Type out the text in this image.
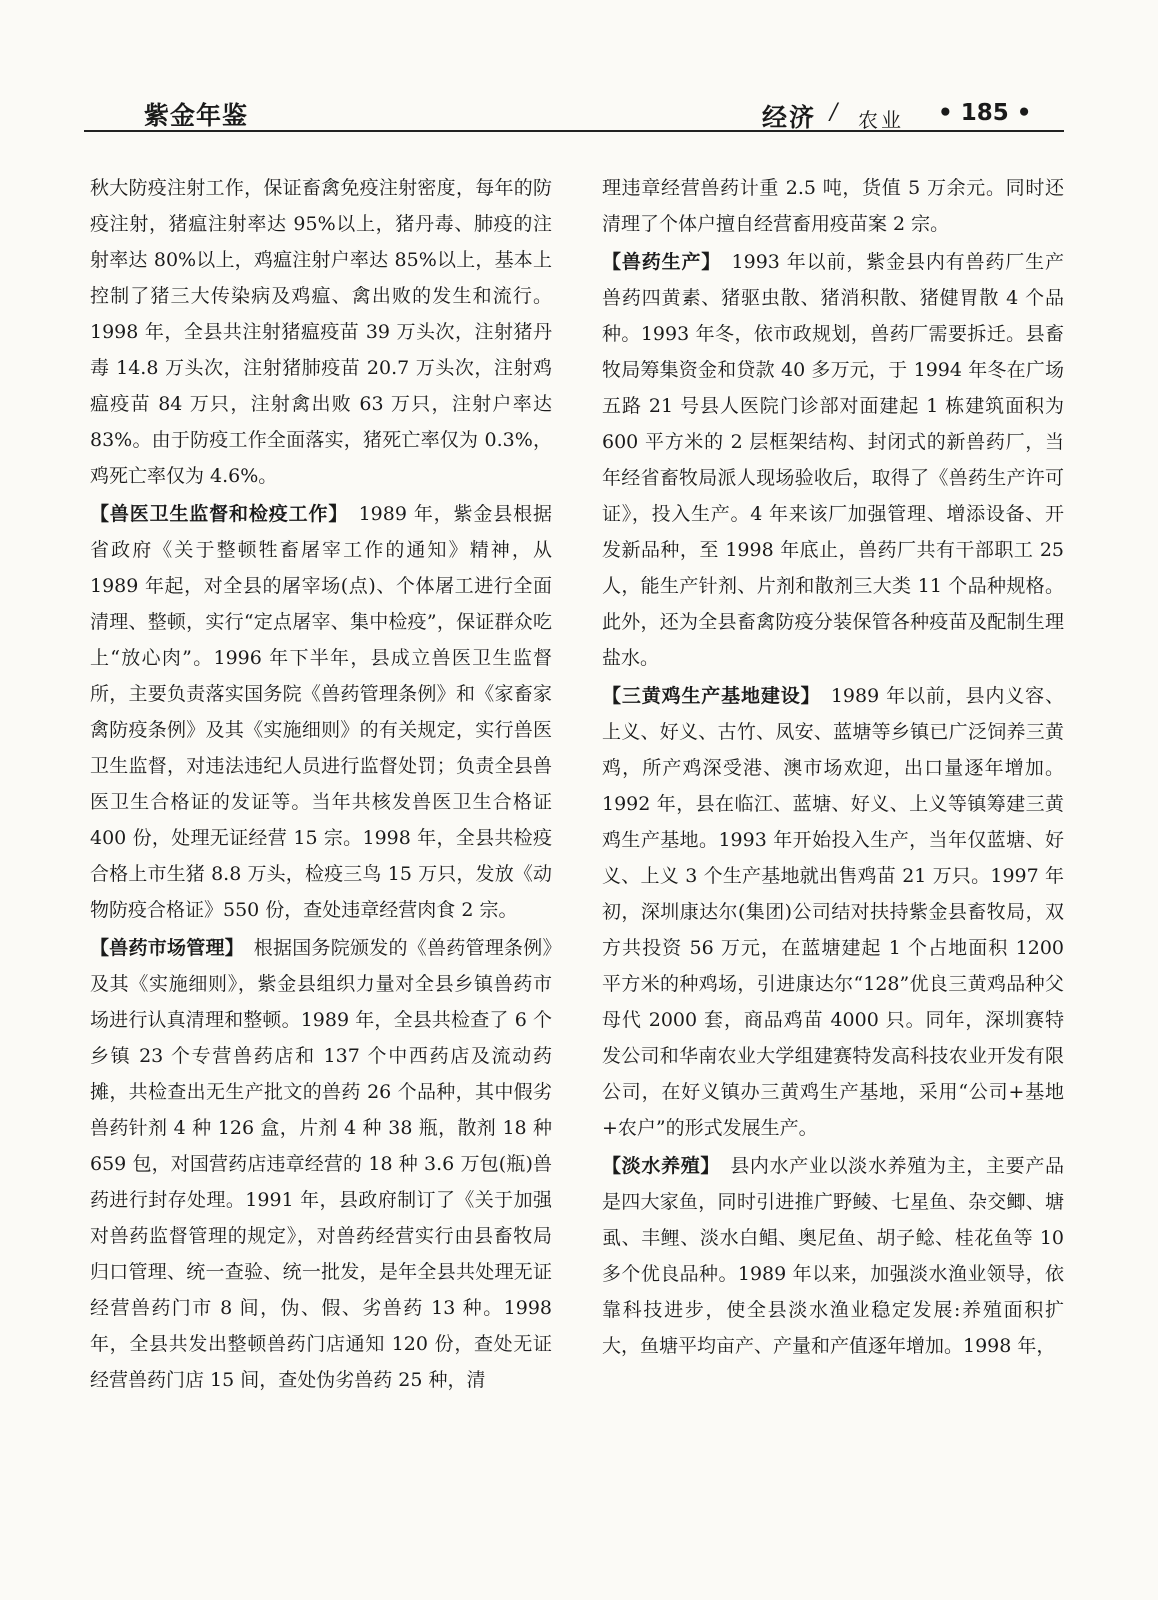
紫金年鉴	经济 / 农业 • 185 •

秋大防疫注射工作，保证畜禽免疫注射密度，每年的防疫注射，猪瘟注射率达 95%以上，猪丹毒、肺疫的注射率达 80%以上，鸡瘟注射户率达 85%以上，基本上控制了猪三大传染病及鸡瘟、禽出败的发生和流行。1998 年，全县共注射猪瘟疫苗 39 万头次，注射猪丹毒 14.8 万头次，注射猪肺疫苗 20.7 万头次，注射鸡瘟疫苗 84 万只，注射禽出败 63 万只，注射户率达 83%。由于防疫工作全面落实，猪死亡率仅为 0.3%，鸡死亡率仅为 4.6%。

【兽医卫生监督和检疫工作】　 1989 年，紫金县根据省政府《关于整顿牲畜屠宰工作的通知》精神，从 1989 年起，对全县的屠宰场(点)、个体屠工进行全面清理、整顿，实行“定点屠宰、集中检疫”，保证群众吃上“放心肉”。1996 年下半年，县成立兽医卫生监督所，主要负责落实国务院《兽药管理条例》和《家畜家禽防疫条例》及其《实施细则》的有关规定，实行兽医卫生监督，对违法违纪人员进行监督处罚；负责全县兽医卫生合格证的发证等。当年共核发兽医卫生合格证 400 份，处理无证经营 15 宗。1998 年，全县共检疫合格上市生猪 8.8 万头，检疫三鸟 15 万只，发放《动物防疫合格证》550 份，查处违章经营肉食 2 宗。

【兽药市场管理】　 根据国务院颁发的《兽药管理条例》及其《实施细则》，紫金县组织力量对全县乡镇兽药市场进行认真清理和整顿。1989 年，全县共检查了 6 个乡镇 23 个专营兽药店和 137 个中西药店及流动药摊，共检查出无生产批文的兽药 26 个品种，其中假劣兽药针剂 4 种 126 盒，片剂 4 种 38 瓶，散剂 18 种 659 包，对国营药店违章经营的 18 种 3.6 万包(瓶)兽药进行封存处理。1991 年，县政府制订了《关于加强对兽药监督管理的规定》，对兽药经营实行由县畜牧局归口管理、统一查验、统一批发，是年全县共处理无证经营兽药门市 8 间，伪、假、劣兽药 13 种。1998 年，全县共发出整顿兽药门店通知 120 份，查处无证经营兽药门店 15 间，查处伪劣兽药 25 种，清

理违章经营兽药计重 2.5 吨，货值 5 万余元。同时还清理了个体户擅自经营畜用疫苗案 2 宗。

【兽药生产】　 1993 年以前，紫金县内有兽药厂生产兽药四黄素、猪驱虫散、猪消积散、猪健胃散 4 个品种。1993 年冬，依市政规划，兽药厂需要拆迁。县畜牧局筹集资金和贷款 40 多万元，于 1994 年冬在广场五路 21 号县人医院门诊部对面建起 1 栋建筑面积为 600 平方米的 2 层框架结构、封闭式的新兽药厂，当年经省畜牧局派人现场验收后，取得了《兽药生产许可证》，投入生产。4 年来该厂加强管理、增添设备、开发新品种，至 1998 年底止，兽药厂共有干部职工 25 人，能生产针剂、片剂和散剂三大类 11 个品种规格。此外，还为全县畜禽防疫分装保管各种疫苗及配制生理盐水。

【三黄鸡生产基地建设】　 1989 年以前，县内义容、上义、好义、古竹、凤安、蓝塘等乡镇已广泛饲养三黄鸡，所产鸡深受港、澳市场欢迎，出口量逐年增加。1992 年，县在临江、蓝塘、好义、上义等镇筹建三黄鸡生产基地。1993 年开始投入生产，当年仅蓝塘、好义、上义 3 个生产基地就出售鸡苗 21 万只。1997 年初，深圳康达尔(集团)公司结对扶持紫金县畜牧局，双方共投资 56 万元，在蓝塘建起 1 个占地面积 1200 平方米的种鸡场，引进康达尔“128”优良三黄鸡品种父母代 2000 套，商品鸡苗 4000 只。同年，深圳赛特发公司和华南农业大学组建赛特发高科技农业开发有限公司，在好义镇办三黄鸡生产基地，采用“公司+基地+农户”的形式发展生产。

【淡水养殖】　 县内水产业以淡水养殖为主，主要产品是四大家鱼，同时引进推广野鲮、七星鱼、杂交鲫、塘虱、丰鲤、淡水白鲳、奥尼鱼、胡子鲶、桂花鱼等 10 多个优良品种。1989 年以来，加强淡水渔业领导，依靠科技进步，使全县淡水渔业稳定发展:养殖面积扩大，鱼塘平均亩产、产量和产值逐年增加。1998 年，
